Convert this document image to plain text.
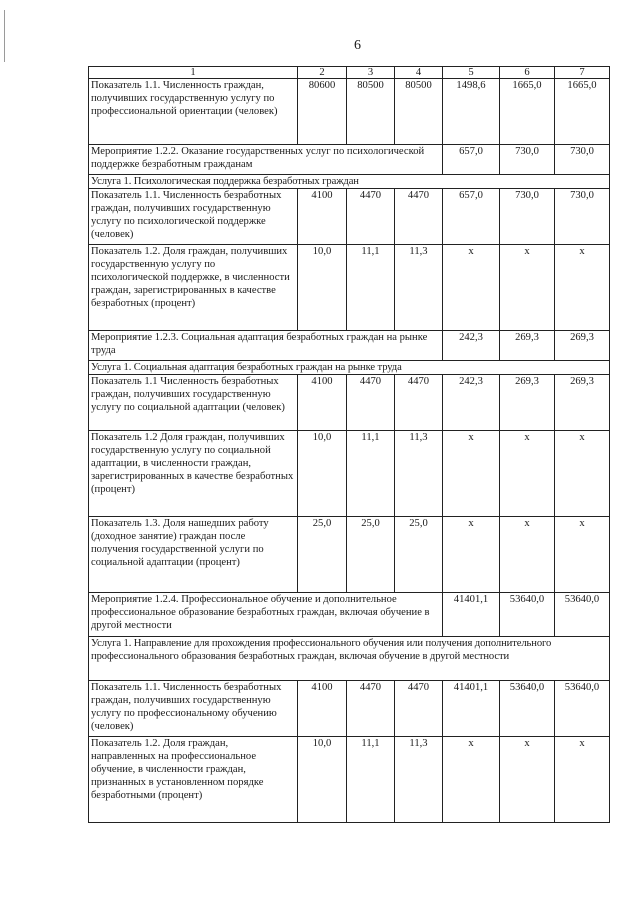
6
1	2	3	4	5	6	7
Показатель 1.1. Численность граждан, получивших государственную услугу по профессиональной ориентации (человек)	80600	80500	80500	1498,6	1665,0	1665,0
Мероприятие 1.2.2. Оказание государственных услуг по психологической поддержке безработным гражданам				657,0	730,0	730,0
Услуга 1. Психологическая поддержка безработных граждан						
Показатель 1.1. Численность безработных граждан, получивших государственную услугу по психологической поддержке (человек)	4100	4470	4470	657,0	730,0	730,0
Показатель 1.2. Доля граждан, получивших государственную услугу по психологической поддержке, в численности граждан, зарегистрированных в качестве безработных (процент)	10,0	11,1	11,3	х	х	х
Мероприятие 1.2.3. Социальная адаптация безработных граждан на рынке труда				242,3	269,3	269,3
Услуга 1. Социальная адаптация безработных граждан на рынке труда						
Показатель 1.1 Численность безработных граждан, получивших государственную услугу по социальной адаптации (человек)	4100	4470	4470	242,3	269,3	269,3
Показатель 1.2 Доля граждан, получивших государственную услугу по социальной адаптации, в численности граждан, зарегистрированных в качестве безработных (процент)	10,0	11,1	11,3	х	х	х
Показатель 1.3. Доля нашедших работу (доходное занятие) граждан после получения государственной услуги по социальной адаптации (процент)	25,0	25,0	25,0	х	х	х
Мероприятие 1.2.4. Профессиональное обучение и дополнительное профессиональное образование безработных граждан, включая обучение в другой местности				41401,1	53640,0	53640,0
Услуга 1. Направление для прохождения профессионального обучения или получения дополнительного профессионального образования безработных граждан, включая обучение в другой местности						
Показатель 1.1. Численность безработных граждан, получивших государственную услугу по профессиональному обучению (человек)	4100	4470	4470	41401,1	53640,0	53640,0
Показатель 1.2. Доля граждан, направленных на профессиональное обучение, в численности граждан, признанных в установленном порядке безработными (процент)	10,0	11,1	11,3	х	х	х
